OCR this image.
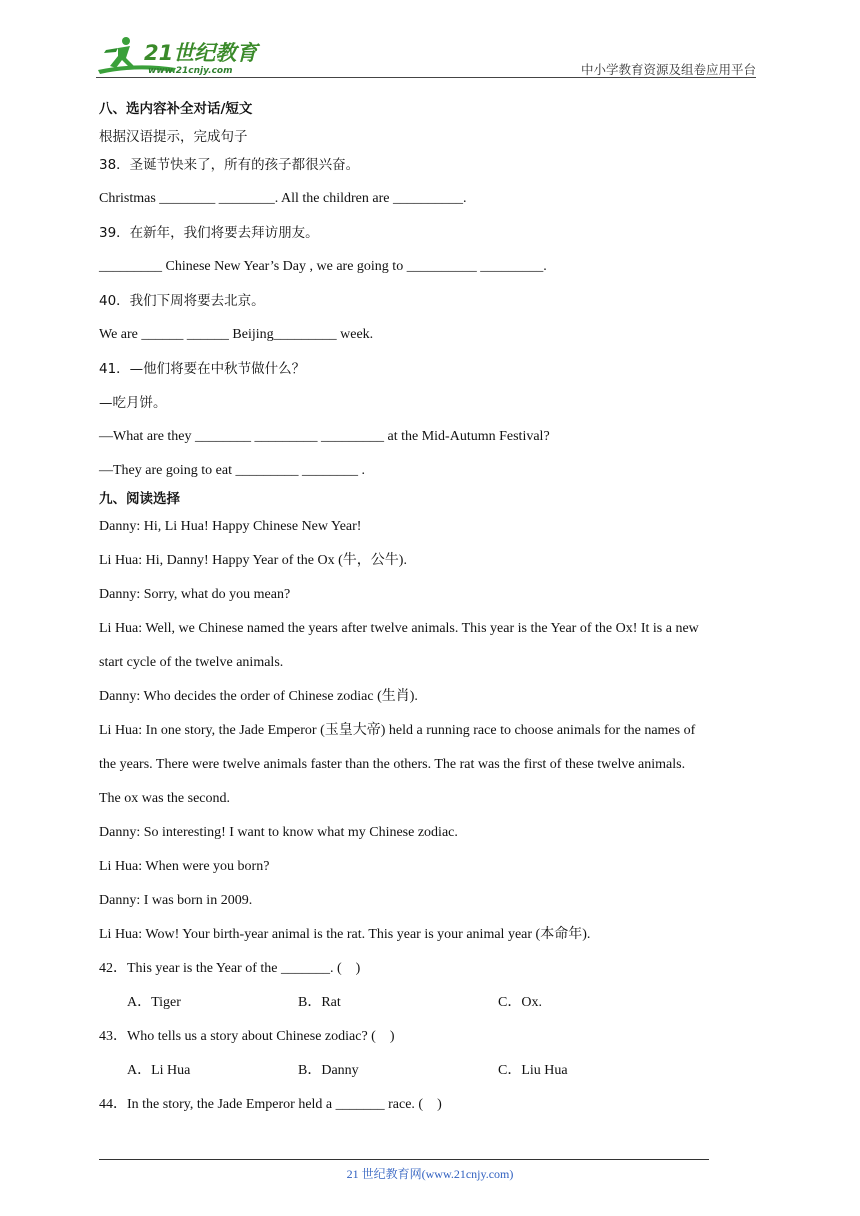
21世纪教育
www.21cnjy.com	中小学教育资源及组卷应用平台
八、选内容补全对话/短文
根据汉语提示，完成句子
38．圣诞节快来了，所有的孩子都很兴奋。
Christmas ________ ________. All the children are __________.
39．在新年，我们将要去拜访朋友。
_________ Chinese New Year’s Day , we are going to __________ _________.
40．我们下周将要去北京。
We are ______ ______ Beijing_________ week.
41．—他们将要在中秋节做什么？
—吃月饼。
—What are they ________ _________ _________ at the Mid-Autumn Festival?
—They are going to eat _________ ________ .
九、阅读选择
Danny: Hi, Li Hua! Happy Chinese New Year!
Li Hua: Hi, Danny! Happy Year of the Ox (牛，公牛).
Danny: Sorry, what do you mean?
Li Hua: Well, we Chinese named the years after twelve animals. This year is the Year of the Ox! It is a new
start cycle of the twelve animals.
Danny: Who decides the order of Chinese zodiac (生肖).
Li Hua: In one story, the Jade Emperor (玉皇大帝) held a running race to choose animals for the names of
the years. There were twelve animals faster than the others. The rat was the first of these twelve animals.
The ox was the second.
Danny: So interesting! I want to know what my Chinese zodiac.
Li Hua: When were you born?
Danny: I was born in 2009.
Li Hua: Wow! Your birth-year animal is the rat. This year is your animal year (本命年).
42．This year is the Year of the _______. (    )
A．Tiger	B．Rat	C．Ox.
43．Who tells us a story about Chinese zodiac? (    )
A．Li Hua	B．Danny	C．Liu Hua
44．In the story, the Jade Emperor held a _______ race. (    )
21 世纪教育网(www.21cnjy.com)
